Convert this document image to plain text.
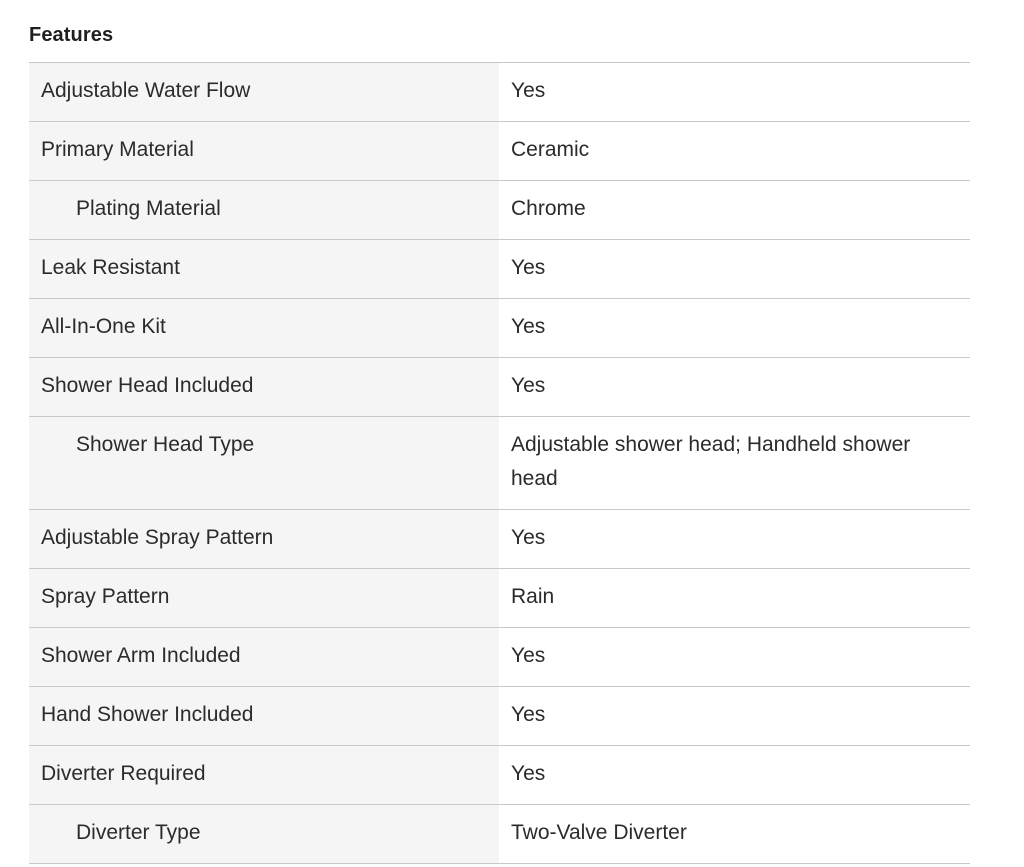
Features
Adjustable Water Flow	Yes
Primary Material	Ceramic
Plating Material	Chrome
Leak Resistant	Yes
All-In-One Kit	Yes
Shower Head Included	Yes
Shower Head Type	Adjustable shower head; Handheld shower head
Adjustable Spray Pattern	Yes
Spray Pattern	Rain
Shower Arm Included	Yes
Hand Shower Included	Yes
Diverter Required	Yes
Diverter Type	Two-Valve Diverter
